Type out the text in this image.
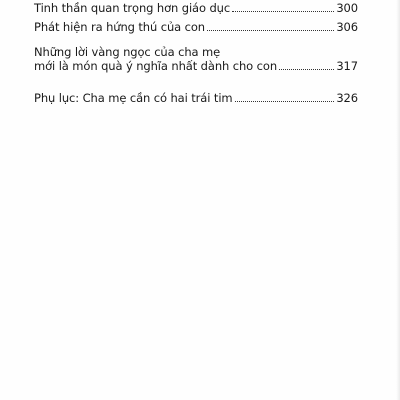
Tinh thần quan trọng hơn giáo dục	300
Phát hiện ra hứng thú của con	306
Những lời vàng ngọc của cha mẹ
mới là món quà ý nghĩa nhất dành cho con	317
Phụ lục: Cha mẹ cần có hai trái tim	326
